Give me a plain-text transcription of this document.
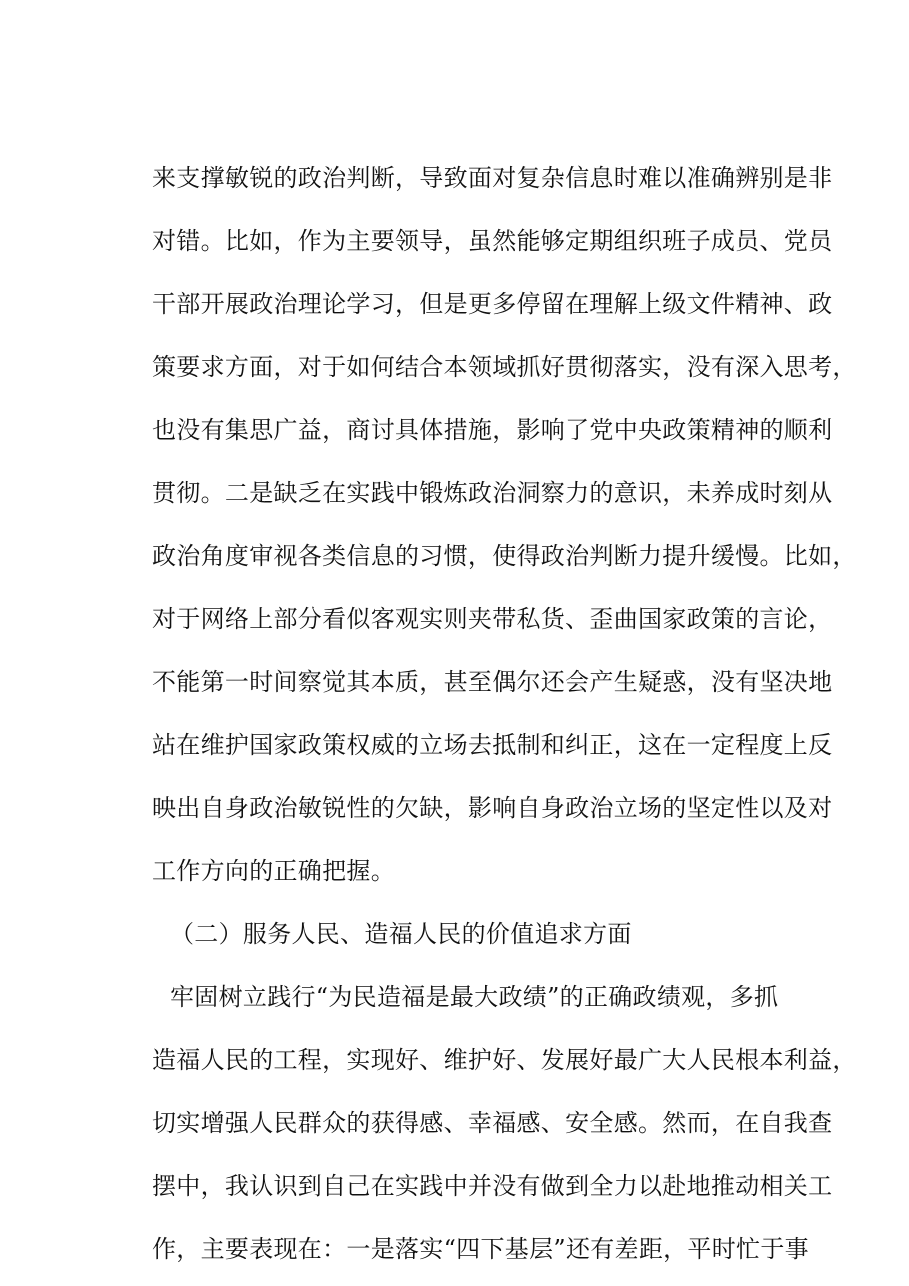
来支撑敏锐的政治判断，导致面对复杂信息时难以准确辨别是非
对错。比如，作为主要领导，虽然能够定期组织班子成员、党员
干部开展政治理论学习，但是更多停留在理解上级文件精神、政
策要求方面，对于如何结合本领域抓好贯彻落实，没有深入思考，
也没有集思广益，商讨具体措施，影响了党中央政策精神的顺利
贯彻。二是缺乏在实践中锻炼政治洞察力的意识，未养成时刻从
政治角度审视各类信息的习惯，使得政治判断力提升缓慢。比如，
对于网络上部分看似客观实则夹带私货、歪曲国家政策的言论，
不能第一时间察觉其本质，甚至偶尔还会产生疑惑，没有坚决地
站在维护国家政策权威的立场去抵制和纠正，这在一定程度上反
映出自身政治敏锐性的欠缺，影响自身政治立场的坚定性以及对
工作方向的正确把握。
（二）服务人民、造福人民的价值追求方面
牢固树立践行“为民造福是最大政绩”的正确政绩观，多抓
造福人民的工程，实现好、维护好、发展好最广大人民根本利益，
切实增强人民群众的获得感、幸福感、安全感。然而，在自我查
摆中，我认识到自己在实践中并没有做到全力以赴地推动相关工
作，主要表现在：一是落实“四下基层”还有差距，平时忙于事
